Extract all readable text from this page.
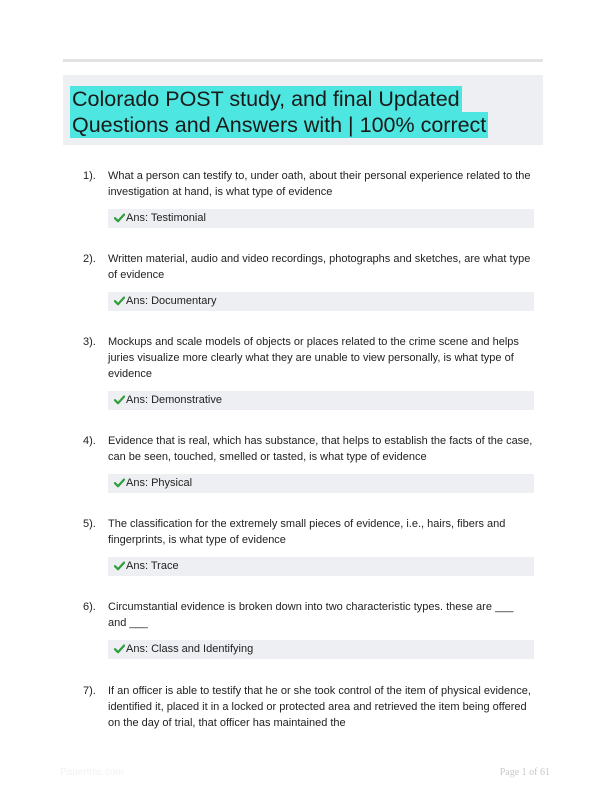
Colorado POST study, and final Updated Questions and Answers with | 100% correct
1). What a person can testify to, under oath, about their personal experience related to the investigation at hand, is what type of evidence
Ans: Testimonial
2). Written material, audio and video recordings, photographs and sketches, are what type of evidence
Ans: Documentary
3). Mockups and scale models of objects or places related to the crime scene and helps juries visualize more clearly what they are unable to view personally, is what type of evidence
Ans: Demonstrative
4). Evidence that is real, which has substance, that helps to establish the facts of the case, can be seen, touched, smelled or tasted, is what type of evidence
Ans: Physical
5). The classification for the extremely small pieces of evidence, i.e., hairs, fibers and fingerprints, is what type of evidence
Ans: Trace
6). Circumstantial evidence is broken down into two characteristic types. these are ___ and ___
Ans: Class and Identifying
7). If an officer is able to testify that he or she took control of the item of physical evidence, identified it, placed it in a locked or protected area and retrieved the item being offered on the day of trial, that officer has maintained the
Papertttic.com	Page 1 of 61
